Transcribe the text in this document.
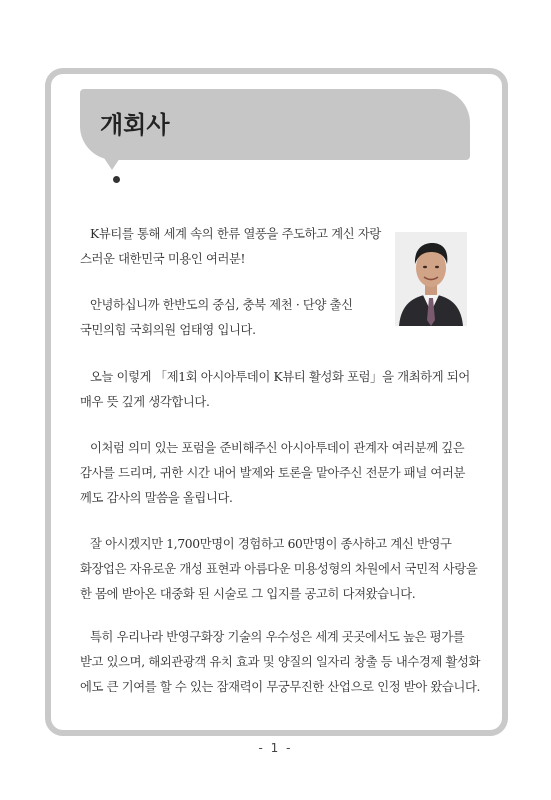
개회사
K뷰티를 통해 세계 속의 한류 열풍을 주도하고 계신 자랑
스러운 대한민국 미용인 여러분!
안녕하십니까 한반도의 중심, 충북 제천 · 단양 출신
국민의힘 국회의원 엄태영 입니다.
오늘 이렇게 「제1회 아시아투데이 K뷰티 활성화 포럼」을 개최하게 되어
매우 뜻 깊게 생각합니다.
이처럼 의미 있는 포럼을 준비해주신 아시아투데이 관계자 여러분께 깊은
감사를 드리며, 귀한 시간 내어 발제와 토론을 맡아주신 전문가 패널 여러분
께도 감사의 말씀을 올립니다.
잘 아시겠지만 1,700만명이 경험하고 60만명이 종사하고 계신 반영구
화장업은 자유로운 개성 표현과 아름다운 미용성형의 차원에서 국민적 사랑을
한 몸에 받아온 대중화 된 시술로 그 입지를 공고히 다져왔습니다.
특히 우리나라 반영구화장 기술의 우수성은 세계 곳곳에서도 높은 평가를
받고 있으며, 해외관광객 유치 효과 및 양질의 일자리 창출 등 내수경제 활성화
에도 큰 기여를 할 수 있는 잠재력이 무궁무진한 산업으로 인정 받아 왔습니다.
- 1 -
